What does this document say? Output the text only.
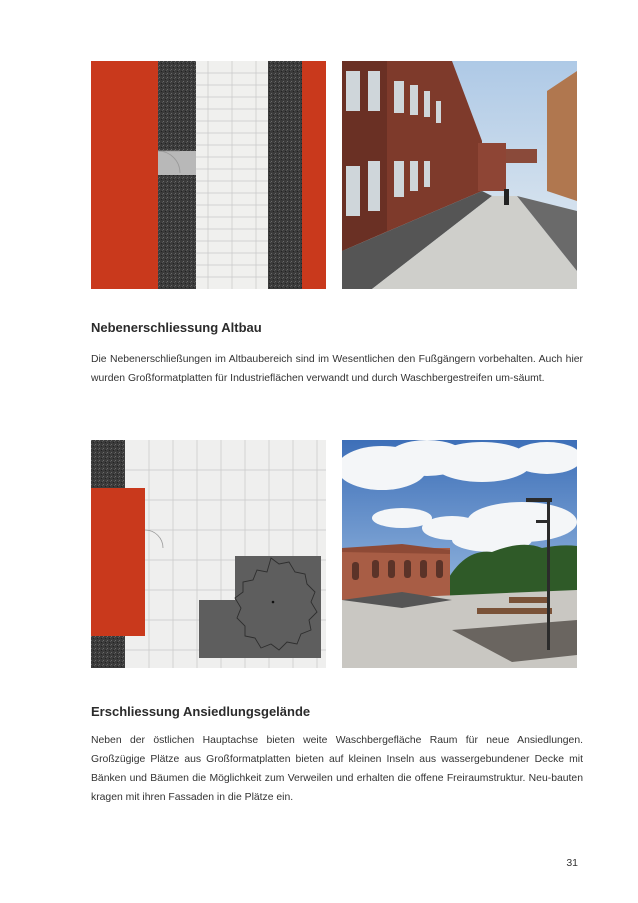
Nebenerschliessung Altbau

Die Nebenerschließungen im Altbaubereich sind im Wesentlichen den Fußgängern vorbehalten. Auch hier wurden Großformatplatten für Industrieflächen verwandt und durch Waschbergestreifen um-säumt.

Erschliessung Ansiedlungsgelände

Neben der östlichen Hauptachse bieten weite Waschbergefläche Raum für neue Ansiedlungen. Großzügige Plätze aus Großformatplatten bieten auf kleinen Inseln aus wassergebundener Decke mit Bänken und Bäumen die Möglichkeit zum Verweilen und erhalten die offene Freiraumstruktur. Neu-bauten kragen mit ihren Fassaden in die Plätze ein.

31
